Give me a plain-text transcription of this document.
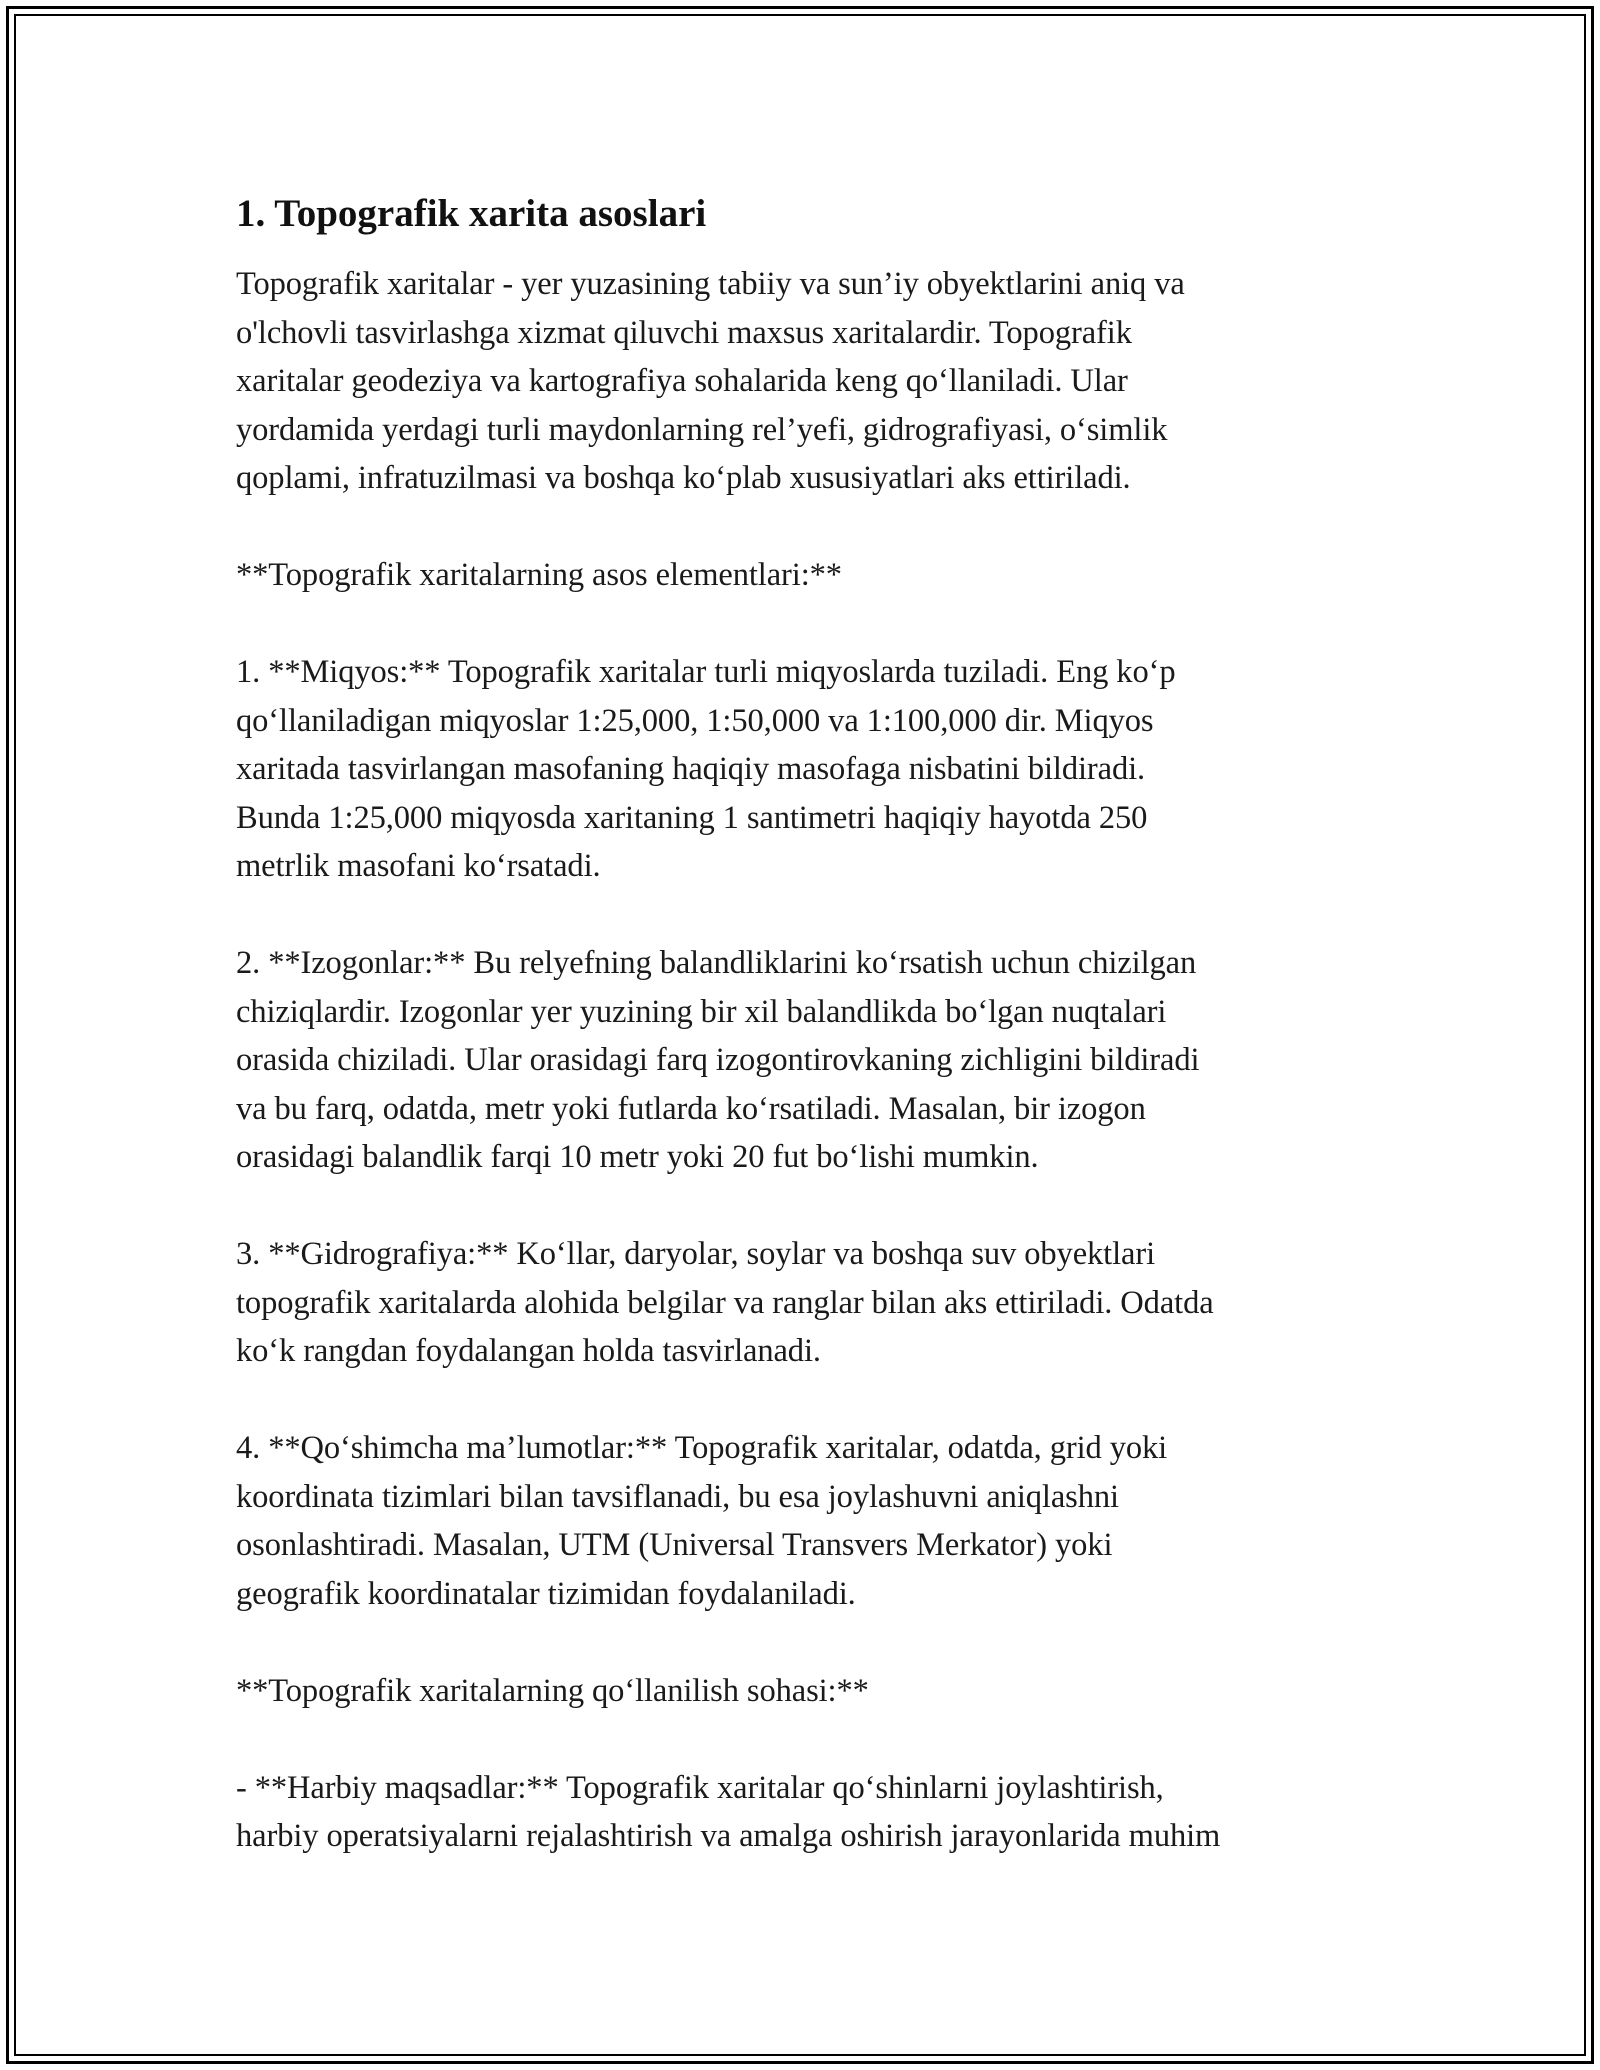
1. Topografik xarita asoslari

Topografik xaritalar - yer yuzasining tabiiy va sun’iy obyektlarini aniq va
o'lchovli tasvirlashga xizmat qiluvchi maxsus xaritalardir. Topografik
xaritalar geodeziya va kartografiya sohalarida keng qo‘llaniladi. Ular
yordamida yerdagi turli maydonlarning rel’yefi, gidrografiyasi, o‘simlik
qoplami, infratuzilmasi va boshqa ko‘plab xususiyatlari aks ettiriladi.

**Topografik xaritalarning asos elementlari:**

1. **Miqyos:** Topografik xaritalar turli miqyoslarda tuziladi. Eng ko‘p
qo‘llaniladigan miqyoslar 1:25,000, 1:50,000 va 1:100,000 dir. Miqyos
xaritada tasvirlangan masofaning haqiqiy masofaga nisbatini bildiradi.
Bunda 1:25,000 miqyosda xaritaning 1 santimetri haqiqiy hayotda 250
metrlik masofani ko‘rsatadi.

2. **Izogonlar:** Bu relyefning balandliklarini ko‘rsatish uchun chizilgan
chiziqlardir. Izogonlar yer yuzining bir xil balandlikda bo‘lgan nuqtalari
orasida chiziladi. Ular orasidagi farq izogontirovkaning zichligini bildiradi
va bu farq, odatda, metr yoki futlarda ko‘rsatiladi. Masalan, bir izogon
orasidagi balandlik farqi 10 metr yoki 20 fut bo‘lishi mumkin.

3. **Gidrografiya:** Ko‘llar, daryolar, soylar va boshqa suv obyektlari
topografik xaritalarda alohida belgilar va ranglar bilan aks ettiriladi. Odatda
ko‘k rangdan foydalangan holda tasvirlanadi.

4. **Qo‘shimcha ma’lumotlar:** Topografik xaritalar, odatda, grid yoki
koordinata tizimlari bilan tavsiflanadi, bu esa joylashuvni aniqlashni
osonlashtiradi. Masalan, UTM (Universal Transvers Merkator) yoki
geografik koordinatalar tizimidan foydalaniladi.

**Topografik xaritalarning qo‘llanilish sohasi:**

- **Harbiy maqsadlar:** Topografik xaritalar qo‘shinlarni joylashtirish,
harbiy operatsiyalarni rejalashtirish va amalga oshirish jarayonlarida muhim
